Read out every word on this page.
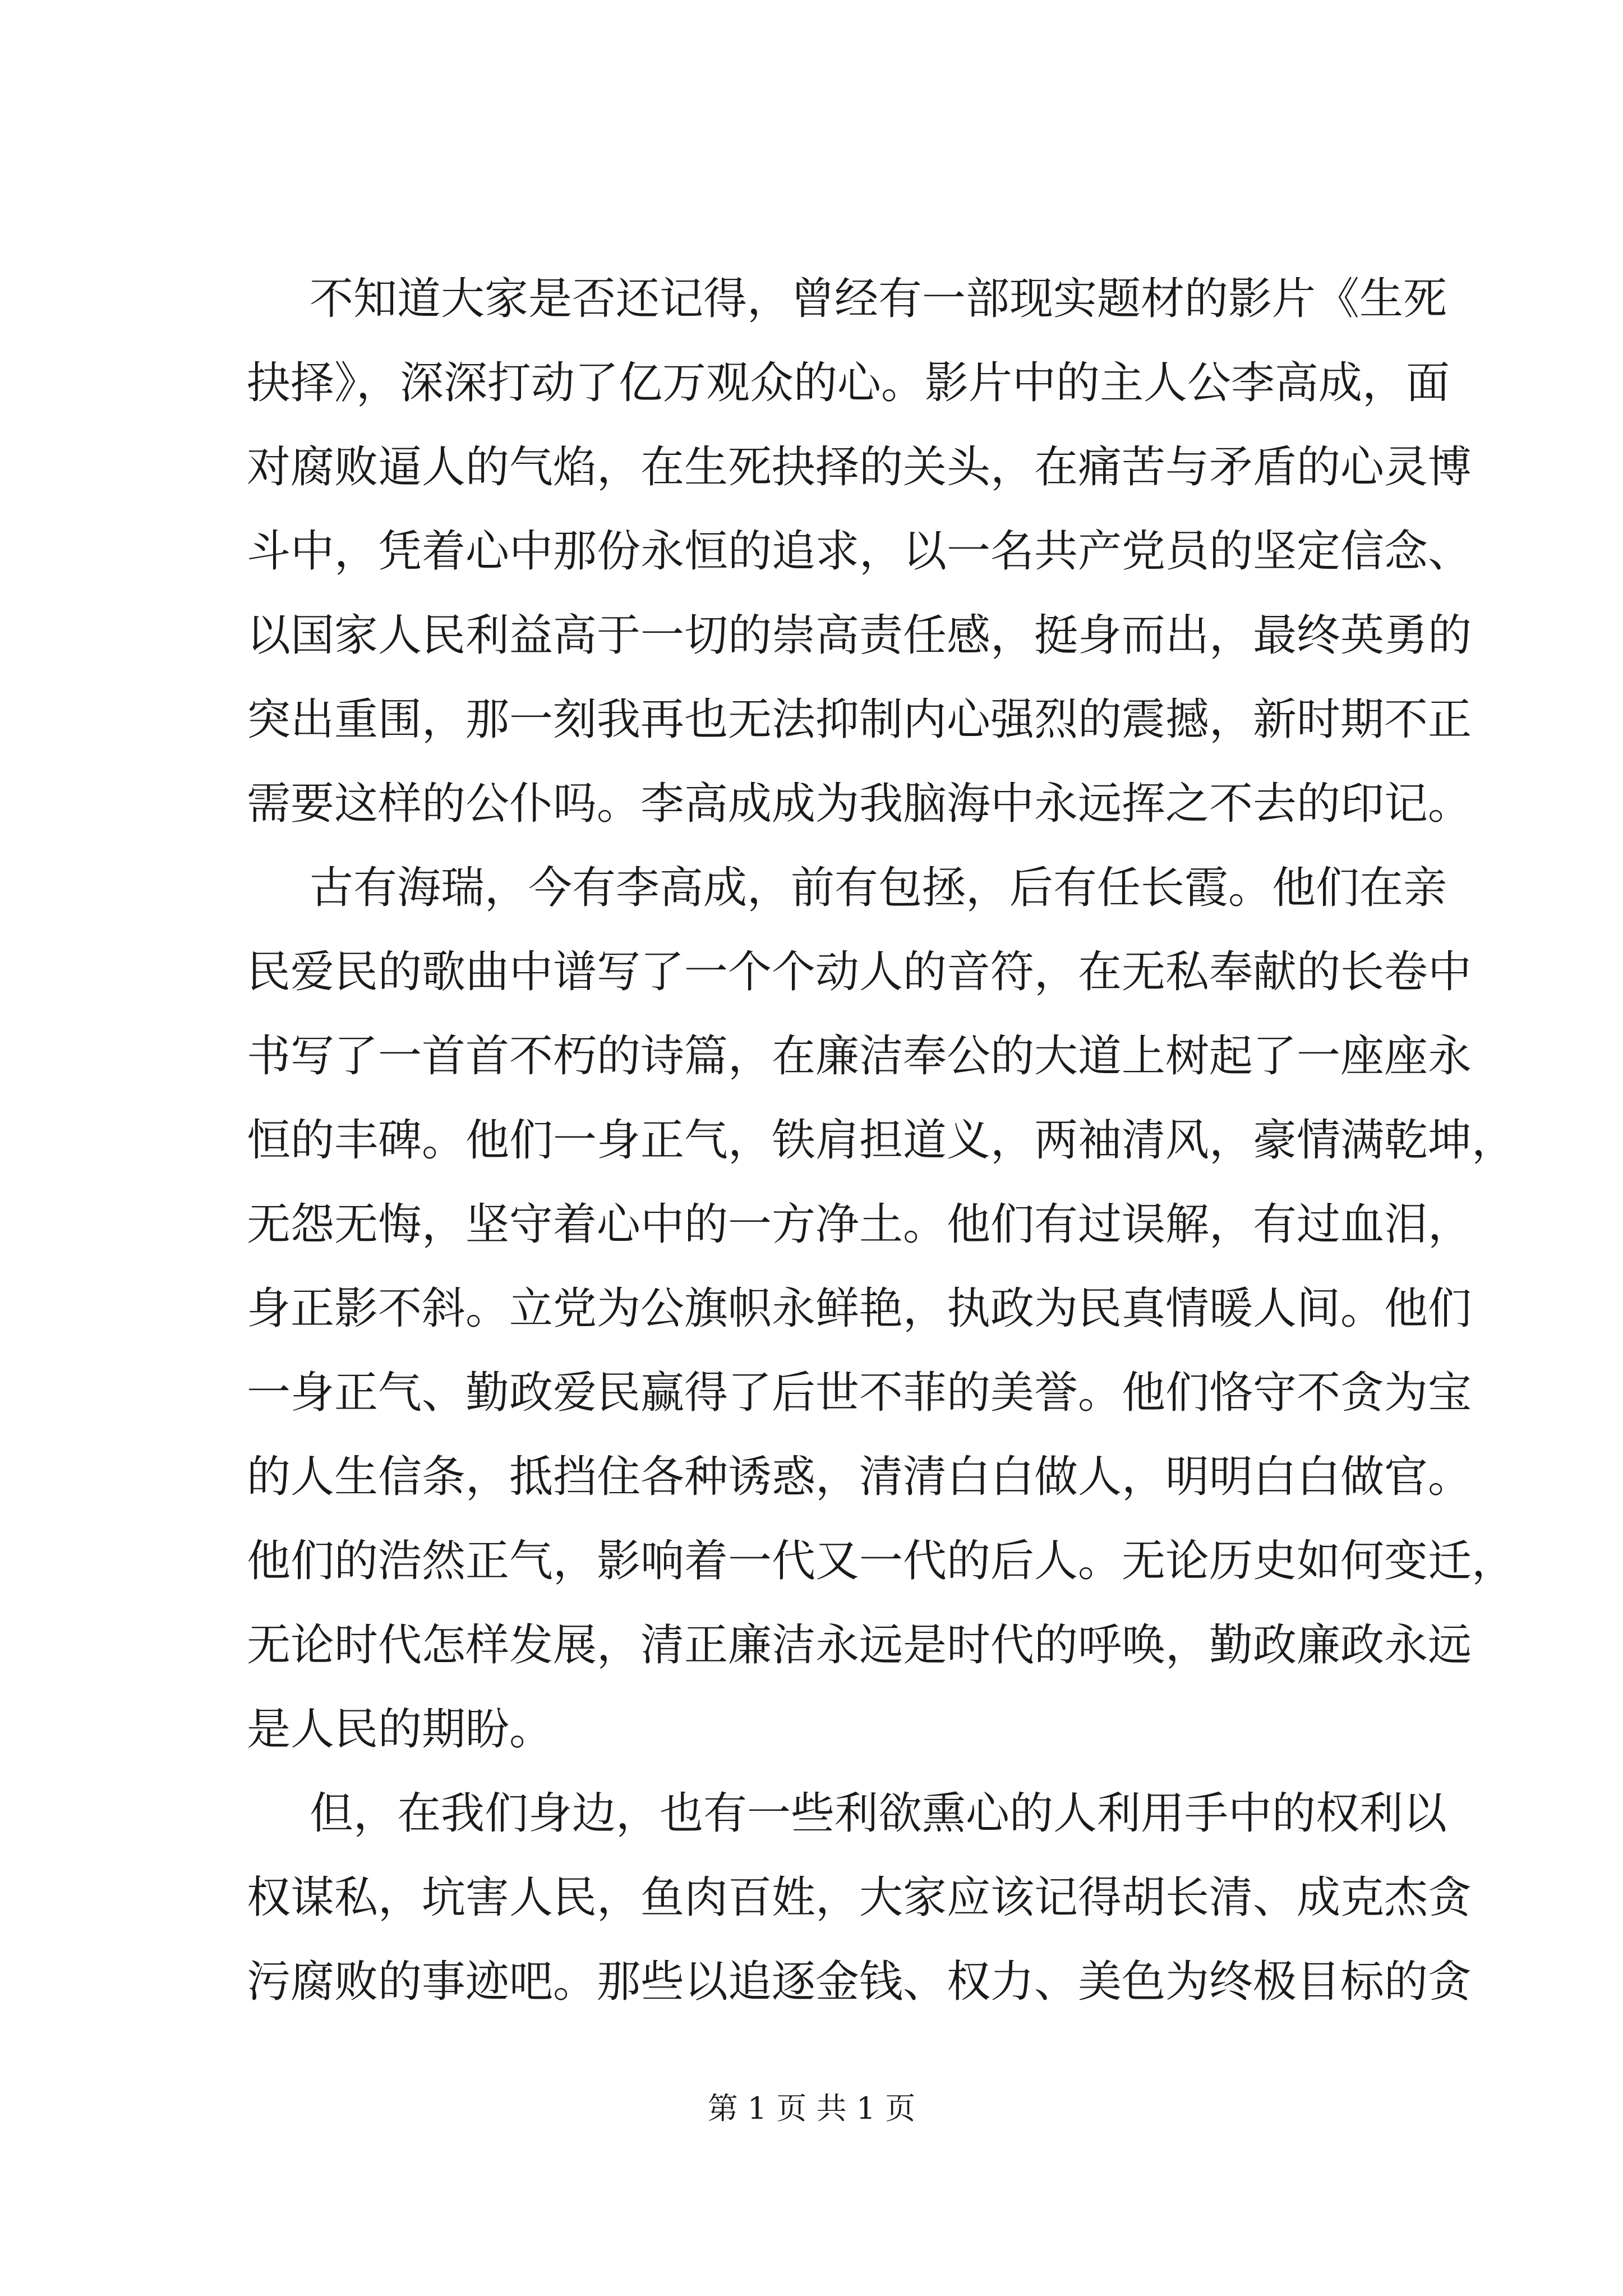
不知道大家是否还记得，曾经有一部现实题材的影片《生死
抉择》，深深打动了亿万观众的心。影片中的主人公李高成，面
对腐败逼人的气焰，在生死抉择的关头，在痛苦与矛盾的心灵博
斗中，凭着心中那份永恒的追求，以一名共产党员的坚定信念、
以国家人民利益高于一切的崇高责任感，挺身而出，最终英勇的
突出重围，那一刻我再也无法抑制内心强烈的震撼，新时期不正
需要这样的公仆吗。李高成成为我脑海中永远挥之不去的印记。
古有海瑞，今有李高成，前有包拯，后有任长霞。他们在亲
民爱民的歌曲中谱写了一个个动人的音符，在无私奉献的长卷中
书写了一首首不朽的诗篇，在廉洁奉公的大道上树起了一座座永
恒的丰碑。他们一身正气，铁肩担道义，两袖清风，豪情满乾坤，
无怨无悔，坚守着心中的一方净土。他们有过误解，有过血泪，
身正影不斜。立党为公旗帜永鲜艳，执政为民真情暖人间。他们
一身正气、勤政爱民赢得了后世不菲的美誉。他们恪守不贪为宝
的人生信条，抵挡住各种诱惑，清清白白做人，明明白白做官。
他们的浩然正气，影响着一代又一代的后人。无论历史如何变迁，
无论时代怎样发展，清正廉洁永远是时代的呼唤，勤政廉政永远
是人民的期盼。
但，在我们身边，也有一些利欲熏心的人利用手中的权利以
权谋私，坑害人民，鱼肉百姓，大家应该记得胡长清、成克杰贪
污腐败的事迹吧。那些以追逐金钱、权力、美色为终极目标的贪
第 1 页 共 1 页
